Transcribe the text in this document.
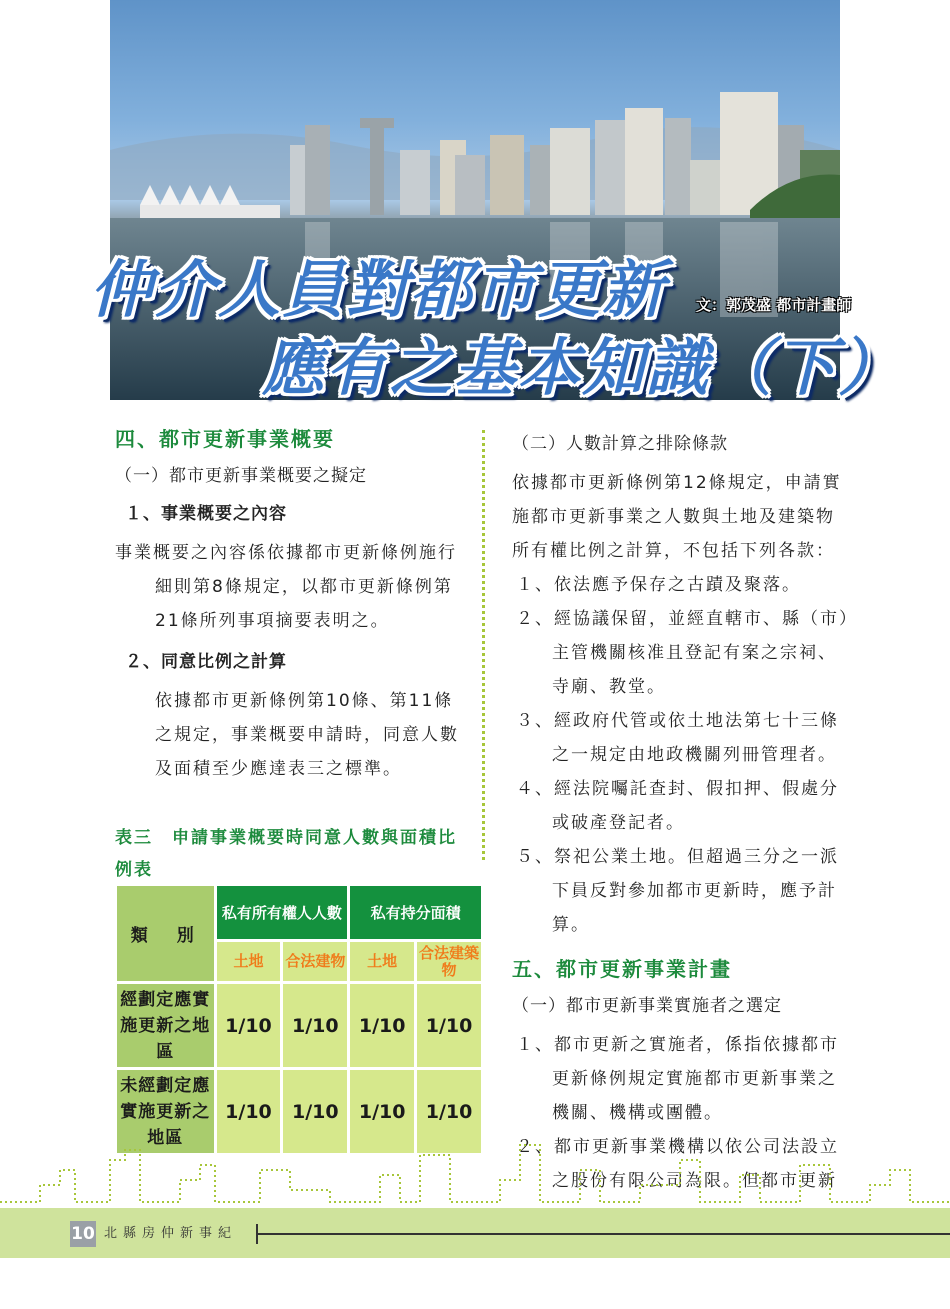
仲介人員對都市更新
應有之基本知識（下）
文：郭茂盛 都市計畫師
四、都市更新事業概要
（一）都市更新事業概要之擬定
１、事業概要之內容
事業概要之內容係依據都市更新條例施行細則第8條規定，以都市更新條例第21條所列事項摘要表明之。
２、同意比例之計算
依據都市更新條例第10條、第11條之規定，事業概要申請時，同意人數及面積至少應達表三之標準。
表三　申請事業概要時同意人數與面積比例表
類　別	私有所有權人人數		私有持分面積	
	土地	合法建物	土地	合法建築物
經劃定應實施更新之地區	1/10	1/10	1/10	1/10
未經劃定應實施更新之地區	1/10	1/10	1/10	1/10
（二）人數計算之排除條款
依據都市更新條例第12條規定，申請實施都市更新事業之人數與土地及建築物所有權比例之計算，不包括下列各款：
１、依法應予保存之古蹟及聚落。
２、經協議保留，並經直轄市、縣（市）主管機關核准且登記有案之宗祠、寺廟、教堂。
３、經政府代管或依土地法第七十三條之一規定由地政機關列冊管理者。
４、經法院囑託查封、假扣押、假處分或破產登記者。
５、祭祀公業土地。但超過三分之一派下員反對參加都市更新時，應予計算。
五、都市更新事業計畫
（一）都市更新事業實施者之選定
１、都市更新之實施者，係指依據都市更新條例規定實施都市更新事業之機關、機構或團體。
２、都市更新事業機構以依公司法設立之股份有限公司為限。但都市更新
10 北縣房仲新事紀
